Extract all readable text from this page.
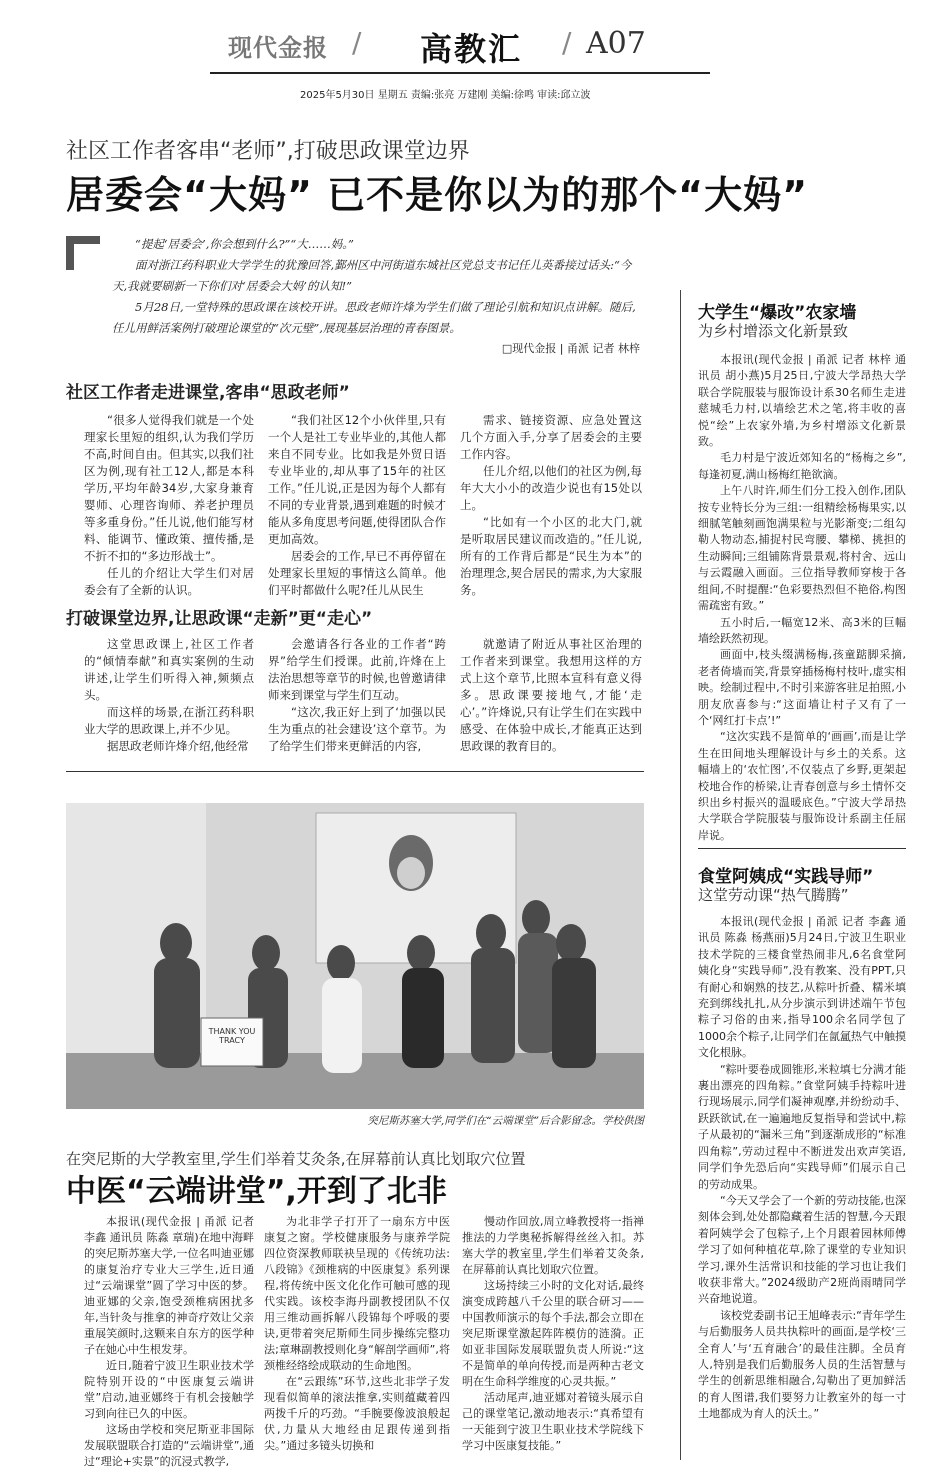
现代金报 / 高教汇 / A07
2025年5月30日 星期五 责编:张亮 万建刚 美编:徐鸣 审读:邱立波
社区工作者客串“老师”,打破思政课堂边界
居委会“大妈” 已不是你以为的那个“大妈”

“提起‘居委会’,你会想到什么?”“大……妈。”

面对浙江药科职业大学学生的犹豫回答,鄞州区中河街道东城社区党总支书记任儿英番接过话头:“今天,我就要刷新一下你们对‘居委会大妈’的认知!”

5月28日,一堂特殊的思政课在该校开讲。思政老师许烽为学生们做了理论引航和知识点讲解。随后,任儿用鲜活案例打破理论课堂的“次元壁”,展现基层治理的青春图景。

□现代金报 | 甬派 记者 林梓
社区工作者走进课堂,客串“思政老师”

“很多人觉得我们就是一个处理家长里短的组织,认为我们学历不高,时间自由。但其实,以我们社区为例,现有社工12人,都是本科学历,平均年龄34岁,大家身兼育婴师、心理咨询师、养老护理员等多重身份。”任儿说,他们能写材料、能调节、懂政策、擅传播,是不折不扣的“多边形战士”。

任儿的介绍让大学生们对居委会有了全新的认识。

“我们社区12个小伙伴里,只有一个人是社工专业毕业的,其他人都来自不同专业。比如我是外贸日语专业毕业的,却从事了15年的社区工作。”任儿说,正是因为每个人都有不同的专业背景,遇到难题的时候才能从多角度思考问题,使得团队合作更加高效。

居委会的工作,早已不再停留在处理家长里短的事情这么简单。他们平时都做什么呢?任儿从民生

需求、链接资源、应急处置这几个方面入手,分享了居委会的主要工作内容。

任儿介绍,以他们的社区为例,每年大大小小的改造少说也有15处以上。

“比如有一个小区的北大门,就是听取居民建议而改造的。”任儿说,所有的工作背后都是“民生为本”的治理理念,契合居民的需求,为大家服务。

打破课堂边界,让思政课“走新”更“走心”

这堂思政课上,社区工作者的“倾情奉献”和真实案例的生动讲述,让学生们听得入神,频频点头。

而这样的场景,在浙江药科职业大学的思政课上,并不少见。

据思政老师许烽介绍,他经常

会邀请各行各业的工作者“跨界”给学生们授课。此前,许烽在上法治思想等章节的时候,也曾邀请律师来到课堂与学生们互动。

“这次,我正好上到了‘加强以民生为重点的社会建设’这个章节。为了给学生们带来更鲜活的内容,

就邀请了附近从事社区治理的工作者来到课堂。我想用这样的方式上这个章节,比照本宣科有意义得多。思政课要接地气,才能‘走心’。”许烽说,只有让学生们在实践中感受、在体验中成长,才能真正达到思政课的教育目的。

THANK YOU
TRACY
突尼斯苏塞大学,同学们在“云端课堂”后合影留念。学校供图
在突尼斯的大学教室里,学生们举着艾灸条,在屏幕前认真比划取穴位置
中医“云端讲堂”,开到了北非

本报讯(现代金报 | 甬派 记者 李鑫 通讯员 陈淼 章瑞)在地中海畔的突尼斯苏塞大学,一位名叫迪亚娜的康复治疗专业大三学生,近日通过“云端课堂”圆了学习中医的梦。迪亚娜的父亲,饱受颈椎病困扰多年,当针灸与推拿的神奇疗效让父亲重展笑颜时,这颗来自东方的医学种子在她心中生根发芽。

近日,随着宁波卫生职业技术学院特别开设的“中医康复云端讲堂”启动,迪亚娜终于有机会接触学习到向往已久的中医。

这场由学校和突尼斯亚非国际发展联盟联合打造的“云端讲堂”,通过“理论+实景”的沉浸式教学,

为北非学子打开了一扇东方中医康复之窗。学校健康服务与康养学院四位资深教师联袂呈现的《传统功法:八段锦》《颈椎病的中医康复》系列课程,将传统中医文化化作可触可感的现代实践。该校李海丹副教授团队不仅用三维动画拆解八段锦每个呼吸的要诀,更带着突尼斯师生同步操练完整功法;章琳副教授则化身“解剖学画师”,将颈椎经络绘成联动的生命地图。

在“云跟练”环节,这些北非学子发现看似简单的滚法推拿,实则蕴藏着四两拨千斤的巧劲。“手腕要像波浪般起伏,力量从大地经由足跟传递到指尖。”通过多镜头切换和

慢动作回放,周立峰教授将一指禅推法的力学奥秘拆解得丝丝入扣。苏塞大学的教室里,学生们举着艾灸条,在屏幕前认真比划取穴位置。

这场持续三小时的文化对话,最终演变成跨越八千公里的联合研习——中国教师演示的每个手法,都会立即在突尼斯课堂激起阵阵模仿的涟漪。正如亚非国际发展联盟负责人所说:“这不是简单的单向传授,而是两种古老文明在生命科学维度的心灵共振。”

活动尾声,迪亚娜对着镜头展示自己的课堂笔记,激动地表示:“真希望有一天能到宁波卫生职业技术学院线下学习中医康复技能。”

大学生“爆改”农家墙
为乡村增添文化新景致

本报讯(现代金报 | 甬派 记者 林梓 通讯员 胡小燕)5月25日,宁波大学昂热大学联合学院服装与服饰设计系30名师生走进慈城毛力村,以墙绘艺术之笔,将丰收的喜悦“绘”上农家外墙,为乡村增添文化新景致。

毛力村是宁波近郊知名的“杨梅之乡”,每逢初夏,满山杨梅红艳欲滴。

上午八时许,师生们分工投入创作,团队按专业特长分为三组:一组精绘杨梅果实,以细腻笔触刻画饱满果粒与光影渐变;二组勾勒人物动态,捕捉村民弯腰、攀梯、挑担的生动瞬间;三组铺陈背景景观,将村舍、远山与云霞融入画面。三位指导教师穿梭于各组间,不时提醒:“色彩要热烈但不艳俗,构图需疏密有致。”

五小时后,一幅宽12米、高3米的巨幅墙绘跃然初现。

画面中,枝头缀满杨梅,孩童踮脚采摘,老者倚墙而笑,背景穿插杨梅村枝叶,虚实相映。绘制过程中,不时引来游客驻足拍照,小朋友欣喜参与:“这面墙让村子又有了一个‘网红打卡点’!”

“这次实践不是简单的‘画画’,而是让学生在田间地头理解设计与乡土的关系。这幅墙上的‘农忙图’,不仅装点了乡野,更架起校地合作的桥梁,让青春创意与乡土情怀交织出乡村振兴的温暖底色。”宁波大学昂热大学联合学院服装与服饰设计系副主任屈岸说。

食堂阿姨成“实践导师”
这堂劳动课“热气腾腾”

本报讯(现代金报 | 甬派 记者 李鑫 通讯员 陈淼 杨燕丽)5月24日,宁波卫生职业技术学院的三楼食堂热闹非凡,6名食堂阿姨化身“实践导师”,没有教案、没有PPT,只有耐心和娴熟的技艺,从粽叶折叠、糯米填充到绑线扎扎,从分步演示到讲述端午节包粽子习俗的由来,指导100余名同学包了1000余个粽子,让同学们在氤氲热气中触摸文化根脉。

“粽叶要卷成圆锥形,米粒填七分满才能裹出漂亮的四角粽。”食堂阿姨手持粽叶进行现场展示,同学们凝神观摩,并纷纷动手、跃跃欲试,在一遍遍地反复指导和尝试中,粽子从最初的“漏米三角”到逐渐成形的“标准四角粽”,劳动过程中不断迸发出欢声笑语,同学们争先恐后向“实践导师”们展示自己的劳动成果。

“今天又学会了一个新的劳动技能,也深刻体会到,处处都隐藏着生活的智慧,今天跟着阿姨学会了包粽子,上个月跟着园林师傅学习了如何种植花草,除了课堂的专业知识学习,课外生活常识和技能的学习也让我们收获非常大。”2024级助产2班尚雨晴同学兴奋地说道。

该校党委副书记王旭峰表示:“青年学生与后勤服务人员共执粽叶的画面,是学校‘三全育人’与‘五育融合’的最佳注脚。全员育人,特别是我们后勤服务人员的生活智慧与学生的创新思维相融合,勾勒出了更加鲜活的育人图谱,我们要努力让教室外的每一寸土地都成为育人的沃土。”
